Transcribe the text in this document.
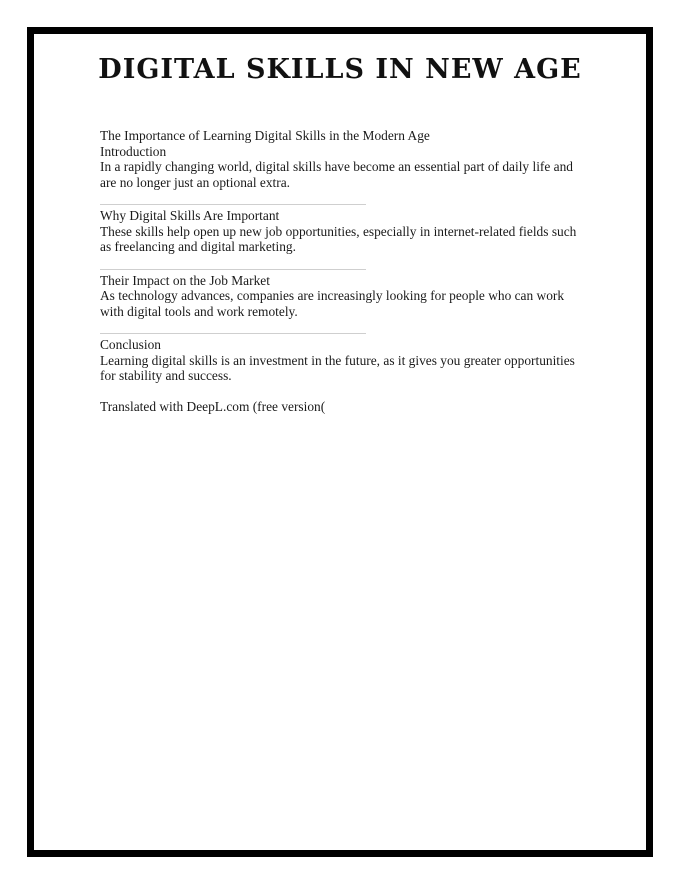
DIGITAL SKILLS IN NEW AGE

The Importance of Learning Digital Skills in the Modern Age

Introduction

In a rapidly changing world, digital skills have become an essential part of daily life and are no longer just an optional extra.

Why Digital Skills Are Important

These skills help open up new job opportunities, especially in internet-related fields such as freelancing and digital marketing.

Their Impact on the Job Market

As technology advances, companies are increasingly looking for people who can work with digital tools and work remotely.

Conclusion

Learning digital skills is an investment in the future, as it gives you greater opportunities for stability and success.

Translated with DeepL.com (free version(
